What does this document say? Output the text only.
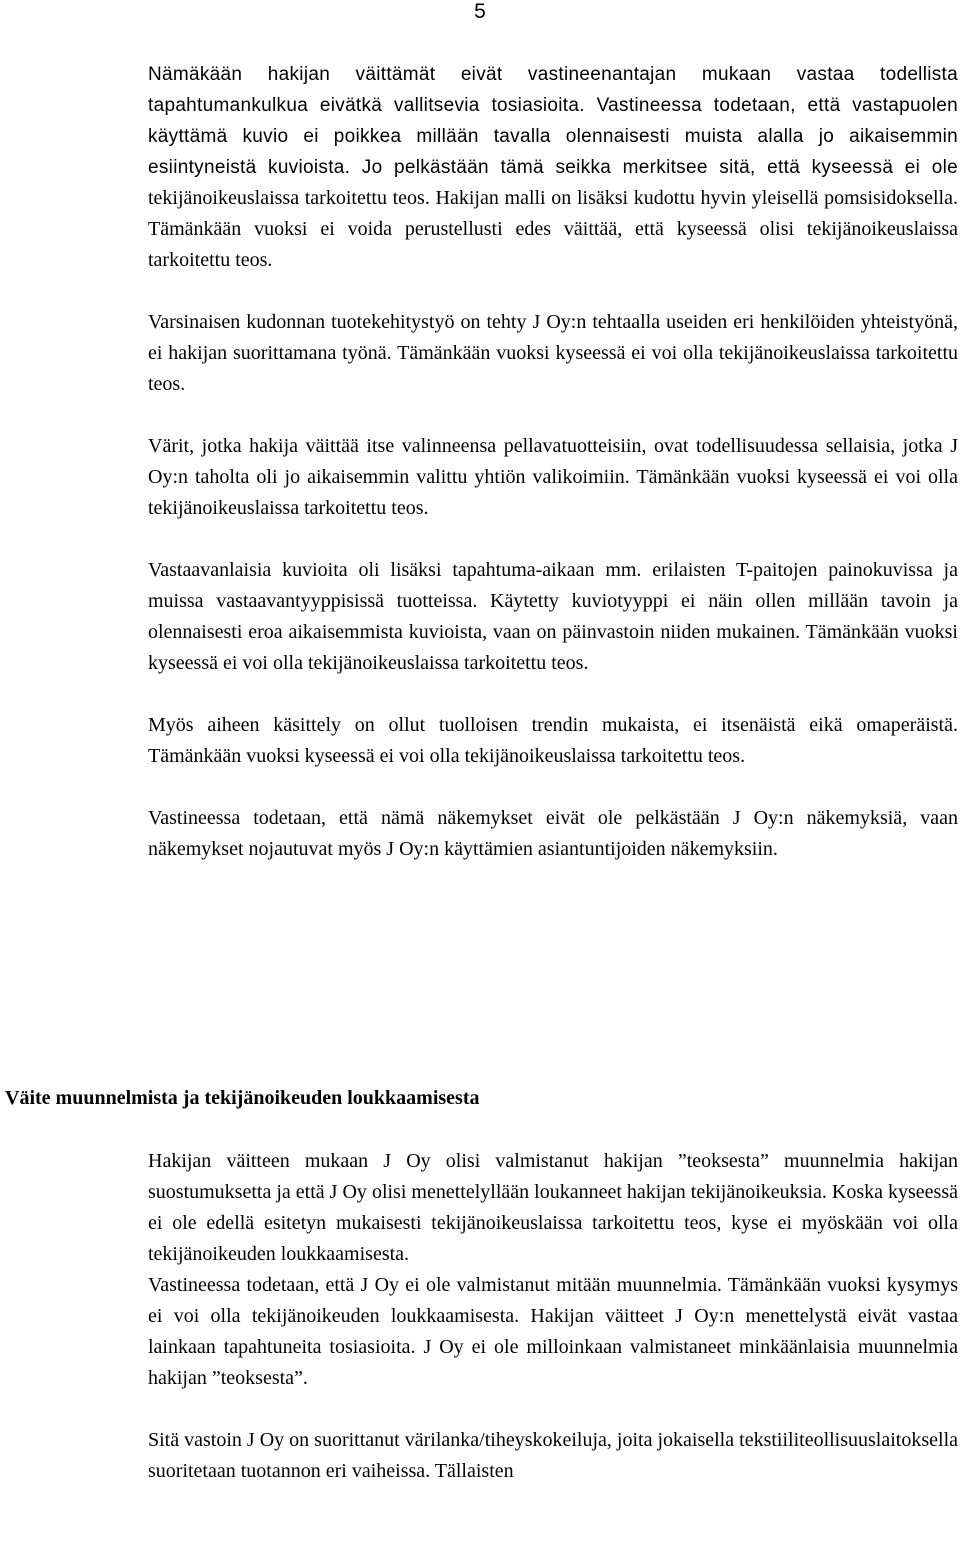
5

Nämäkään hakijan väittämät eivät vastineenantajan mukaan vastaa todellista tapahtumankulkua eivätkä vallitsevia tosiasioita. Vastineessa todetaan, että vastapuolen käyttämä kuvio ei poikkea millään tavalla olennaisesti muista alalla jo aikaisemmin esiintyneistä kuvioista. Jo pelkästään tämä seikka merkitsee sitä, että kyseessä ei ole tekijänoikeuslaissa tarkoitettu teos. Hakijan malli on lisäksi kudottu hyvin yleisellä pomsisidoksella. Tämänkään vuoksi ei voida perustellusti edes väittää, että kyseessä olisi tekijänoikeuslaissa tarkoitettu teos.

Varsinaisen kudonnan tuotekehitystyö on tehty J Oy:n tehtaalla useiden eri henkilöiden yhteistyönä, ei hakijan suorittamana työnä. Tämänkään vuoksi kyseessä ei voi olla tekijänoikeuslaissa tarkoitettu teos.

Värit, jotka hakija väittää itse valinneensa pellavatuotteisiin, ovat todellisuudessa sellaisia, jotka J Oy:n taholta oli jo aikaisemmin valittu yhtiön valikoimiin. Tämänkään vuoksi kyseessä ei voi olla tekijänoikeuslaissa tarkoitettu teos.

Vastaavanlaisia kuvioita oli lisäksi tapahtuma-aikaan mm. erilaisten T-paitojen painokuvissa ja muissa vastaavantyyppisissä tuotteissa. Käytetty kuviotyyppi ei näin ollen millään tavoin ja olennaisesti eroa aikaisemmista kuvioista, vaan on päinvastoin niiden mukainen. Tämänkään vuoksi kyseessä ei voi olla tekijänoikeuslaissa tarkoitettu teos.

Myös aiheen käsittely on ollut tuolloisen trendin mukaista, ei itsenäistä eikä omaperäistä. Tämänkään vuoksi kyseessä ei voi olla tekijänoikeuslaissa tarkoitettu teos.

Vastineessa todetaan, että nämä näkemykset eivät ole pelkästään J Oy:n näkemyksiä, vaan näkemykset nojautuvat myös J Oy:n käyttämien asiantuntijoiden näkemyksiin.

Väite muunnelmista ja tekijänoikeuden loukkaamisesta

Hakijan väitteen mukaan J Oy olisi valmistanut hakijan ”teoksesta” muunnelmia hakijan suostumuksetta ja että J Oy olisi menettelyllään loukanneet hakijan tekijänoikeuksia. Koska kyseessä ei ole edellä esitetyn mukaisesti tekijänoikeuslaissa tarkoitettu teos, kyse ei myöskään voi olla tekijänoikeuden loukkaamisesta.

Vastineessa todetaan, että J Oy ei ole valmistanut mitään muunnelmia. Tämänkään vuoksi kysymys ei voi olla tekijänoikeuden loukkaamisesta. Hakijan väitteet J Oy:n menettelystä eivät vastaa lainkaan tapahtuneita tosiasioita. J Oy ei ole milloinkaan valmistaneet minkäänlaisia muunnelmia hakijan ”teoksesta”.

Sitä vastoin J Oy on suorittanut värilanka/tiheyskokeiluja, joita jokaisella tekstiiliteollisuuslaitoksella suoritetaan tuotannon eri vaiheissa. Tällaisten
